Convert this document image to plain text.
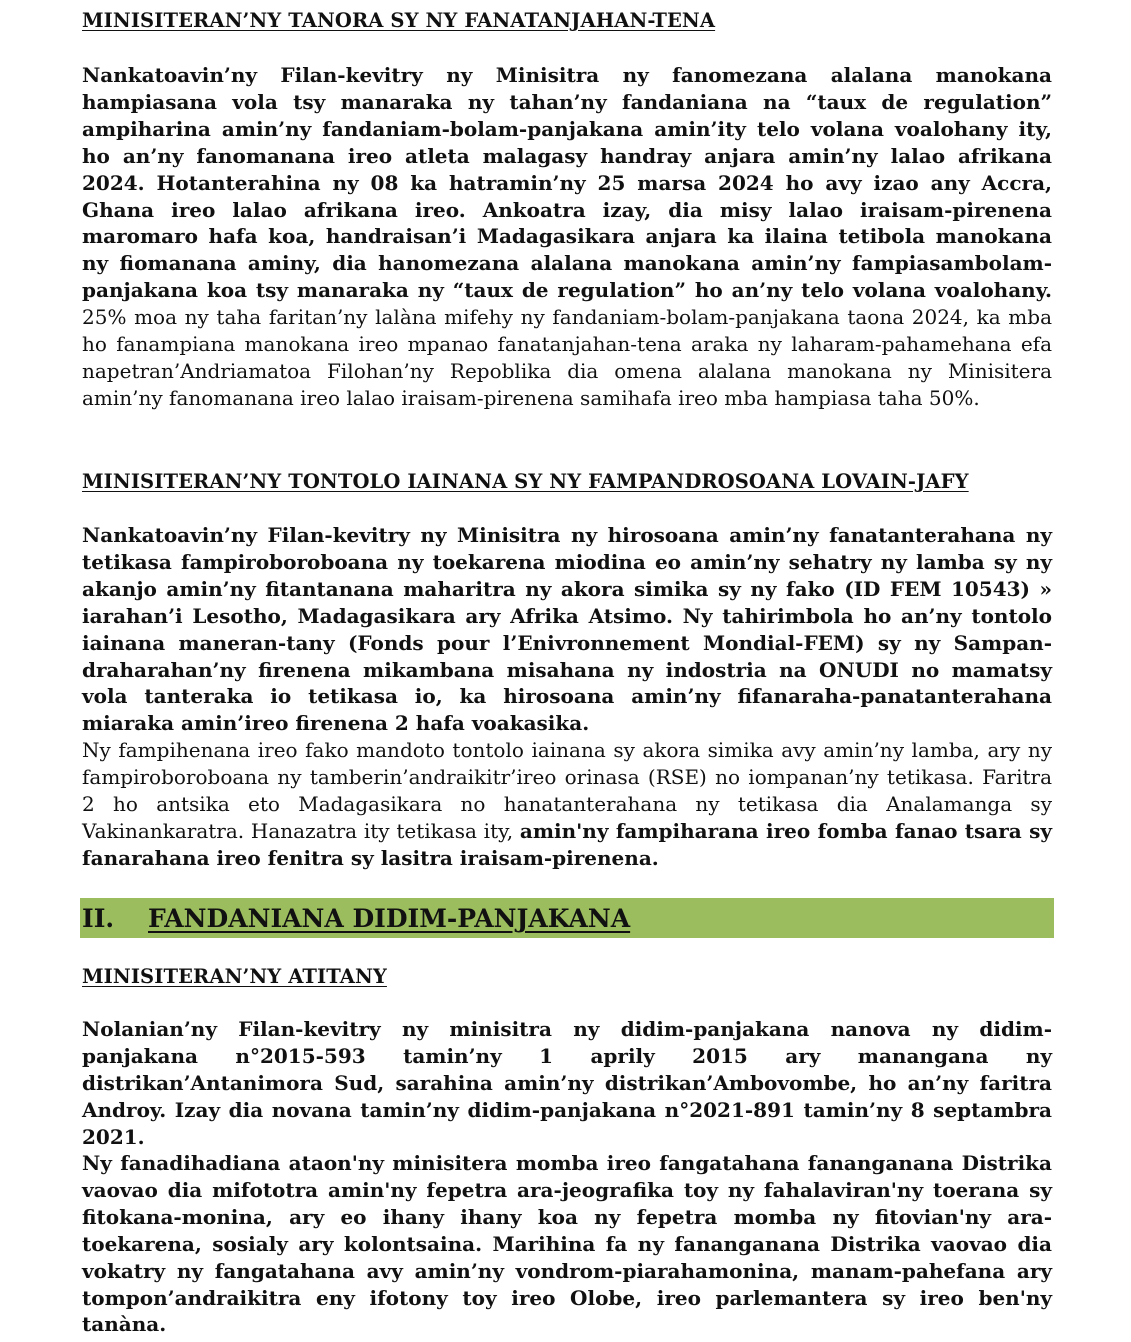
MINISITERAN’NY TANORA SY NY FANATANJAHAN-TENA

Nankatoavin’ny Filan-kevitry ny Minisitra ny fanomezana alalana manokana hampiasana vola tsy manaraka ny tahan’ny fandaniana na “taux de regulation” ampiharina amin’ny fandaniam-bolam-panjakana amin’ity telo volana voalohany ity, ho an’ny fanomanana ireo atleta malagasy handray anjara amin’ny lalao afrikana 2024. Hotanterahina ny 08 ka hatramin’ny 25 marsa 2024 ho avy izao any Accra, Ghana ireo lalao afrikana ireo. Ankoatra izay, dia misy lalao iraisam-pirenena maromaro hafa koa, handraisan’i Madagasikara anjara ka ilaina tetibola manokana ny fiomanana aminy, dia hanomezana alalana manokana amin’ny fampiasambolam-panjakana koa tsy manaraka ny “taux de regulation” ho an’ny telo volana voalohany. 25% moa ny taha faritan’ny lalàna mifehy ny fandaniam-bolam-panjakana taona 2024, ka mba ho fanampiana manokana ireo mpanao fanatanjahan-tena araka ny laharam-pahamehana efa napetran’Andriamatoa Filohan’ny Repoblika dia omena alalana manokana ny Minisitera amin’ny fanomanana ireo lalao iraisam-pirenena samihafa ireo mba hampiasa taha 50%.

MINISITERAN’NY TONTOLO IAINANA SY NY FAMPANDROSOANA LOVAIN-JAFY

Nankatoavin’ny Filan-kevitry ny Minisitra ny hirosoana amin’ny fanatanterahana ny tetikasa fampiroboroboana ny toekarena miodina eo amin’ny sehatry ny lamba sy ny akanjo amin’ny fitantanana maharitra ny akora simika sy ny fako (ID FEM 10543) » iarahan’i Lesotho, Madagasikara ary Afrika Atsimo. Ny tahirimbola ho an’ny tontolo iainana maneran-tany (Fonds pour l’Enivronnement Mondial-FEM) sy ny Sampan-draharahan’ny firenena mikambana misahana ny indostria na ONUDI no mamatsy vola tanteraka io tetikasa io, ka hirosoana amin’ny fifanaraha-panatanterahana miaraka amin’ireo firenena 2 hafa voakasika.

Ny fampihenana ireo fako mandoto tontolo iainana sy akora simika avy amin’ny lamba, ary ny fampiroboroboana ny tamberin’andraikitr’ireo orinasa (RSE) no iompanan’ny tetikasa. Faritra 2 ho antsika eto Madagasikara no hanatanterahana ny tetikasa dia Analamanga sy Vakinankaratra. Hanazatra ity tetikasa ity, amin'ny fampiharana ireo fomba fanao tsara sy fanarahana ireo fenitra sy lasitra iraisam-pirenena.

II. FANDANIANA DIDIM-PANJAKANA
MINISITERAN’NY ATITANY

Nolanian’ny Filan-kevitry ny minisitra ny didim-panjakana nanova ny didim-panjakana n°2015-593 tamin’ny 1 aprily 2015 ary manangana ny distrikan’Antanimora Sud, sarahina amin’ny distrikan’Ambovombe, ho an’ny faritra Androy. Izay dia novana tamin’ny didim-panjakana n°2021-891 tamin’ny 8 septambra 2021.

Ny fanadihadiana ataon'ny minisitera momba ireo fangatahana fananganana Distrika vaovao dia mifototra amin'ny fepetra ara-jeografika toy ny fahalaviran'ny toerana sy fitokana-monina, ary eo ihany ihany koa ny fepetra momba ny fitovian'ny ara-toekarena, sosialy ary kolontsaina. Marihina fa ny fananganana Distrika vaovao dia vokatry ny fangatahana avy amin’ny vondrom-piarahamonina, manam-pahefana ary tompon’andraikitra eny ifotony toy ireo Olobe, ireo parlemantera sy ireo ben'ny tanàna.
